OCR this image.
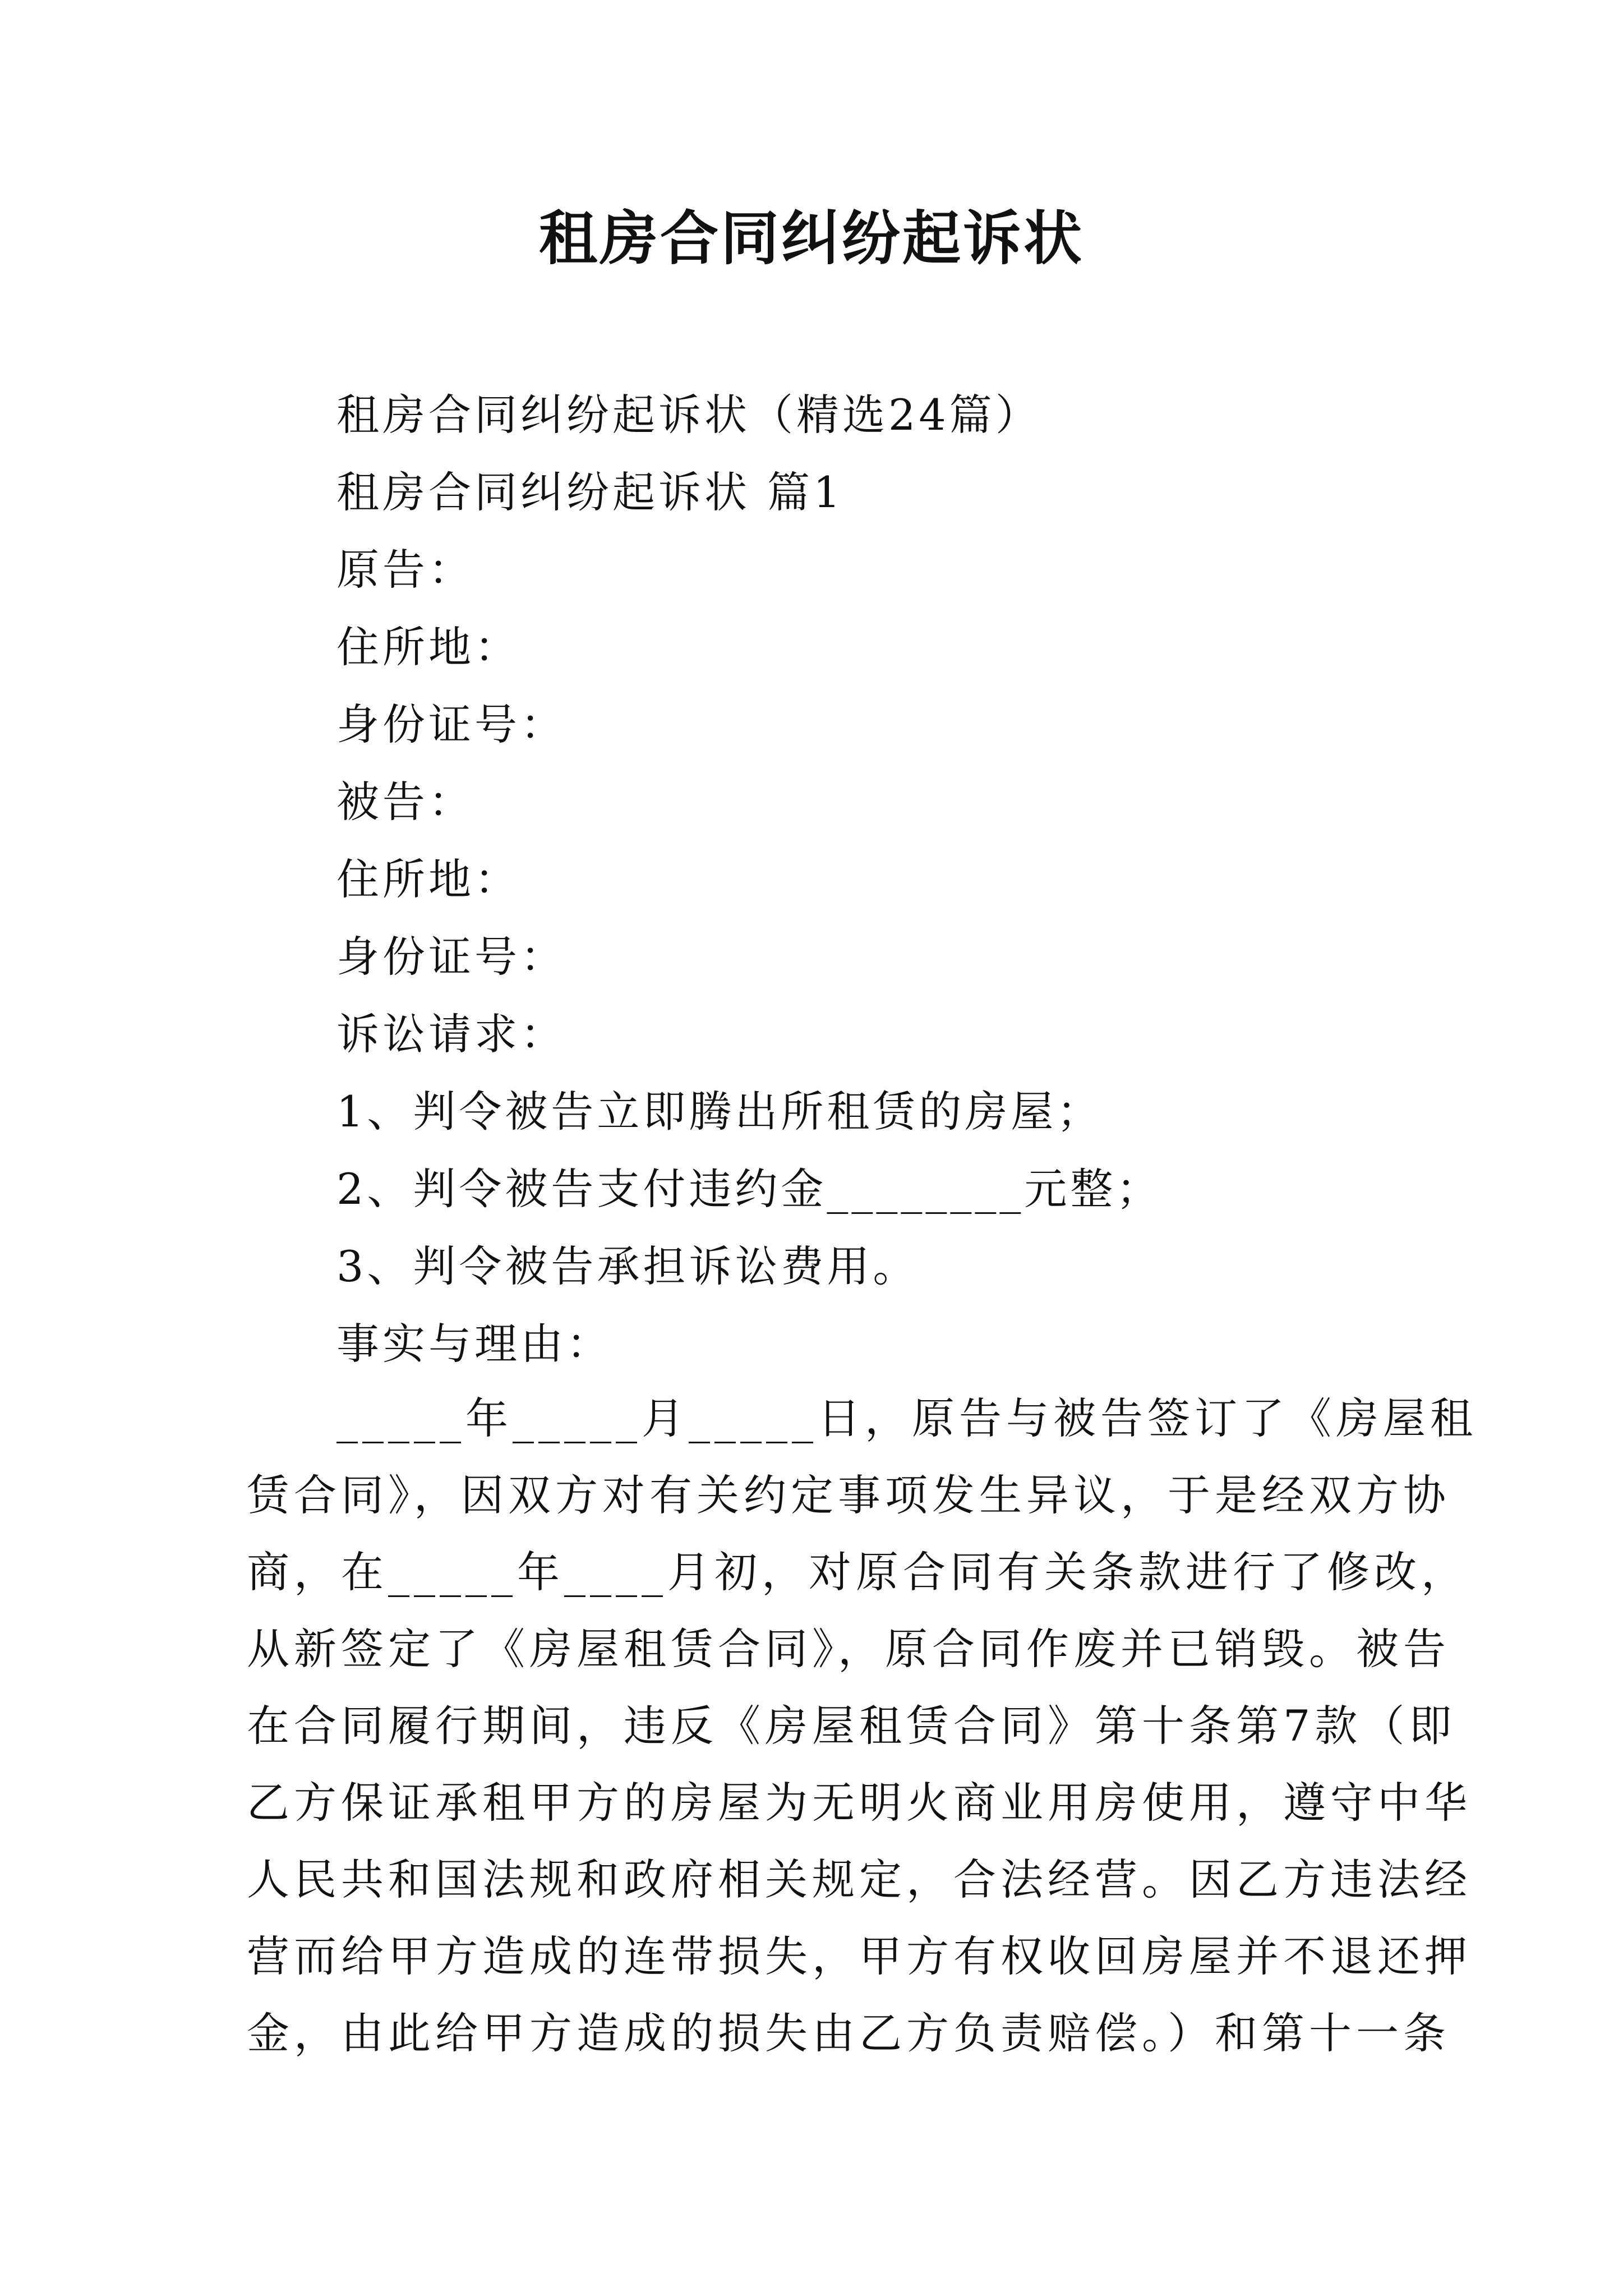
租房合同纠纷起诉状
租房合同纠纷起诉状（精选24篇）
租房合同纠纷起诉状 篇1
原告：
住所地：
身份证号：
被告：
住所地：
身份证号：
诉讼请求：
1、判令被告立即腾出所租赁的房屋；
2、判令被告支付违约金________元整；
3、判令被告承担诉讼费用。
事实与理由：
_____年_____月_____日，原告与被告签订了《房屋租
赁合同》，因双方对有关约定事项发生异议，于是经双方协
商，在_____年____月初，对原合同有关条款进行了修改，
从新签定了《房屋租赁合同》，原合同作废并已销毁。被告
在合同履行期间，违反《房屋租赁合同》第十条第7款（即
乙方保证承租甲方的房屋为无明火商业用房使用，遵守中华
人民共和国法规和政府相关规定，合法经营。因乙方违法经
营而给甲方造成的连带损失，甲方有权收回房屋并不退还押
金，由此给甲方造成的损失由乙方负责赔偿。）和第十一条
